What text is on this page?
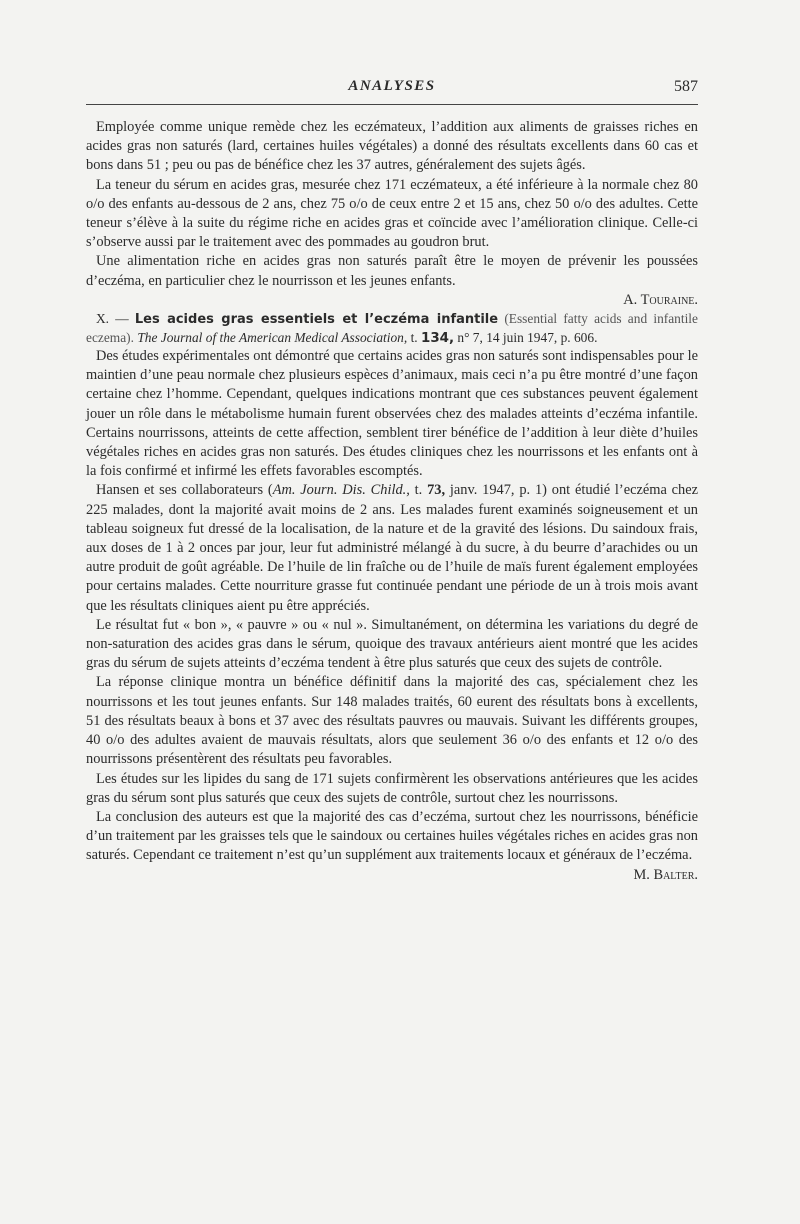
ANALYSES	587

Employée comme unique remède chez les eczémateux, l’addition aux aliments de graisses riches en acides gras non saturés (lard, certaines huiles végétales) a donné des résultats excellents dans 60 cas et bons dans 51 ; peu ou pas de bénéfice chez les 37 autres, généralement des sujets âgés.

La teneur du sérum en acides gras, mesurée chez 171 eczémateux, a été inférieure à la normale chez 80 o/o des enfants au-dessous de 2 ans, chez 75 o/o de ceux entre 2 et 15 ans, chez 50 o/o des adultes. Cette teneur s’élève à la suite du régime riche en acides gras et coïncide avec l’amélioration clinique. Celle-ci s’observe aussi par le traitement avec des pommades au goudron brut.

Une alimentation riche en acides gras non saturés paraît être le moyen de prévenir les poussées d’eczéma, en particulier chez le nourrisson et les jeunes enfants.

A. Touraine.

X. — Les acides gras essentiels et l’eczéma infantile (Essential fatty acids and infantile eczema). The Journal of the American Medical Association, t. 134, n° 7, 14 juin 1947, p. 606.

Des études expérimentales ont démontré que certains acides gras non saturés sont indispensables pour le maintien d’une peau normale chez plusieurs espèces d’animaux, mais ceci n’a pu être montré d’une façon certaine chez l’homme. Cependant, quelques indications montrant que ces substances peuvent également jouer un rôle dans le métabolisme humain furent observées chez des malades atteints d’eczéma infantile. Certains nourrissons, atteints de cette affection, semblent tirer bénéfice de l’addition à leur diète d’huiles végétales riches en acides gras non saturés. Des études cliniques chez les nourrissons et les enfants ont à la fois confirmé et infirmé les effets favorables escomptés.

Hansen et ses collaborateurs (Am. Journ. Dis. Child., t. 73, janv. 1947, p. 1) ont étudié l’eczéma chez 225 malades, dont la majorité avait moins de 2 ans. Les malades furent examinés soigneusement et un tableau soigneux fut dressé de la localisation, de la nature et de la gravité des lésions. Du saindoux frais, aux doses de 1 à 2 onces par jour, leur fut administré mélangé à du sucre, à du beurre d’arachides ou un autre produit de goût agréable. De l’huile de lin fraîche ou de l’huile de maïs furent également employées pour certains malades. Cette nourriture grasse fut continuée pendant une période de un à trois mois avant que les résultats cliniques aient pu être appréciés.

Le résultat fut « bon », « pauvre » ou « nul ». Simultanément, on détermina les variations du degré de non-saturation des acides gras dans le sérum, quoique des travaux antérieurs aient montré que les acides gras du sérum de sujets atteints d’eczéma tendent à être plus saturés que ceux des sujets de contrôle.

La réponse clinique montra un bénéfice définitif dans la majorité des cas, spécialement chez les nourrissons et les tout jeunes enfants. Sur 148 malades traités, 60 eurent des résultats bons à excellents, 51 des résultats beaux à bons et 37 avec des résultats pauvres ou mauvais. Suivant les différents groupes, 40 o/o des adultes avaient de mauvais résultats, alors que seulement 36 o/o des enfants et 12 o/o des nourrissons présentèrent des résultats peu favorables.

Les études sur les lipides du sang de 171 sujets confirmèrent les observations antérieures que les acides gras du sérum sont plus saturés que ceux des sujets de contrôle, surtout chez les nourrissons.

La conclusion des auteurs est que la majorité des cas d’eczéma, surtout chez les nourrissons, bénéficie d’un traitement par les graisses tels que le saindoux ou certaines huiles végétales riches en acides gras non saturés. Cependant ce traitement n’est qu’un supplément aux traitements locaux et généraux de l’eczéma.

M. Balter.
